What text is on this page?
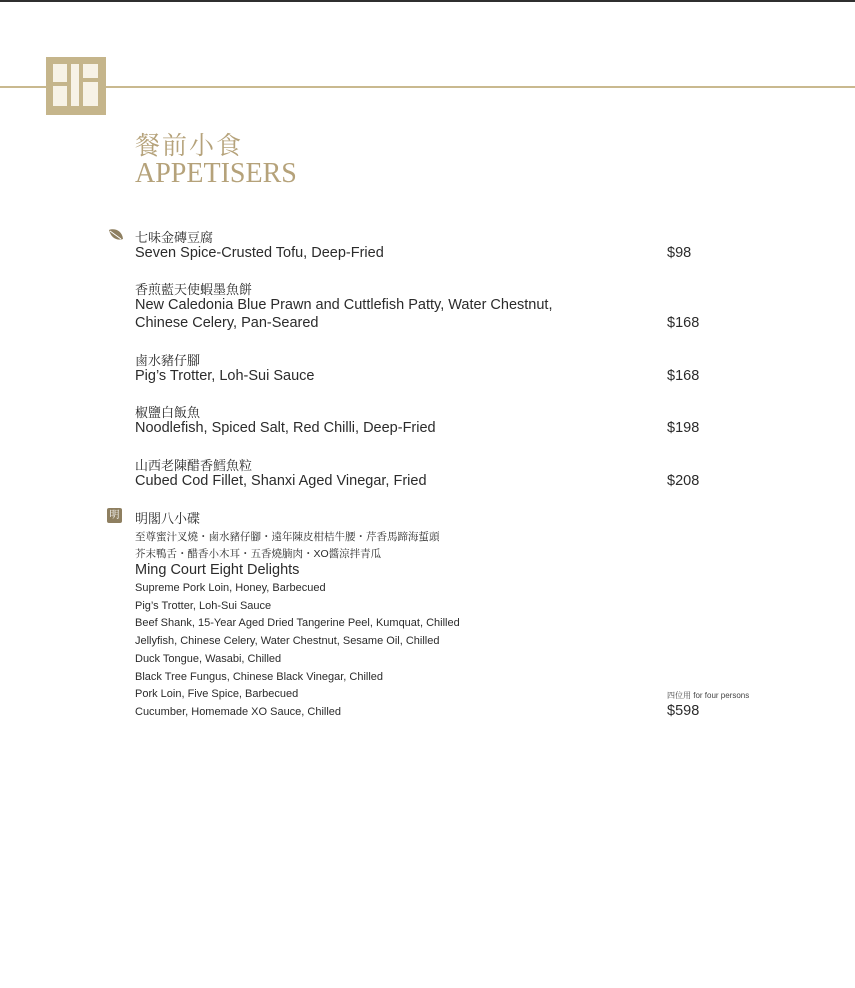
餐前小食
APPETISERS
七味金磚豆腐
Seven Spice-Crusted Tofu, Deep-Fried	$98
香煎藍天使蝦墨魚餅
New Caledonia Blue Prawn and Cuttlefish Patty, Water Chestnut,
Chinese Celery, Pan-Seared	$168
鹵水豬仔腳
Pig’s Trotter, Loh-Sui Sauce	$168
椒鹽白飯魚
Noodlefish, Spiced Salt, Red Chilli, Deep-Fried	$198
山西老陳醋香鱈魚粒
Cubed Cod Fillet, Shanxi Aged Vinegar, Fried	$208
明 明閣八小碟
至尊蜜汁叉燒・鹵水豬仔腳・遠年陳皮柑桔牛腰・芹香馬蹄海蜇頭
芥末鴨舌・醋香小木耳・五香燒腩肉・XO醬涼拌青瓜
Ming Court Eight Delights
Supreme Pork Loin, Honey, Barbecued
Pig’s Trotter, Loh-Sui Sauce
Beef Shank, 15-Year Aged Dried Tangerine Peel, Kumquat, Chilled
Jellyfish, Chinese Celery, Water Chestnut, Sesame Oil, Chilled
Duck Tongue, Wasabi, Chilled
Black Tree Fungus, Chinese Black Vinegar, Chilled
Pork Loin, Five Spice, Barbecued
Cucumber, Homemade XO Sauce, Chilled
四位用 for four persons
$598
